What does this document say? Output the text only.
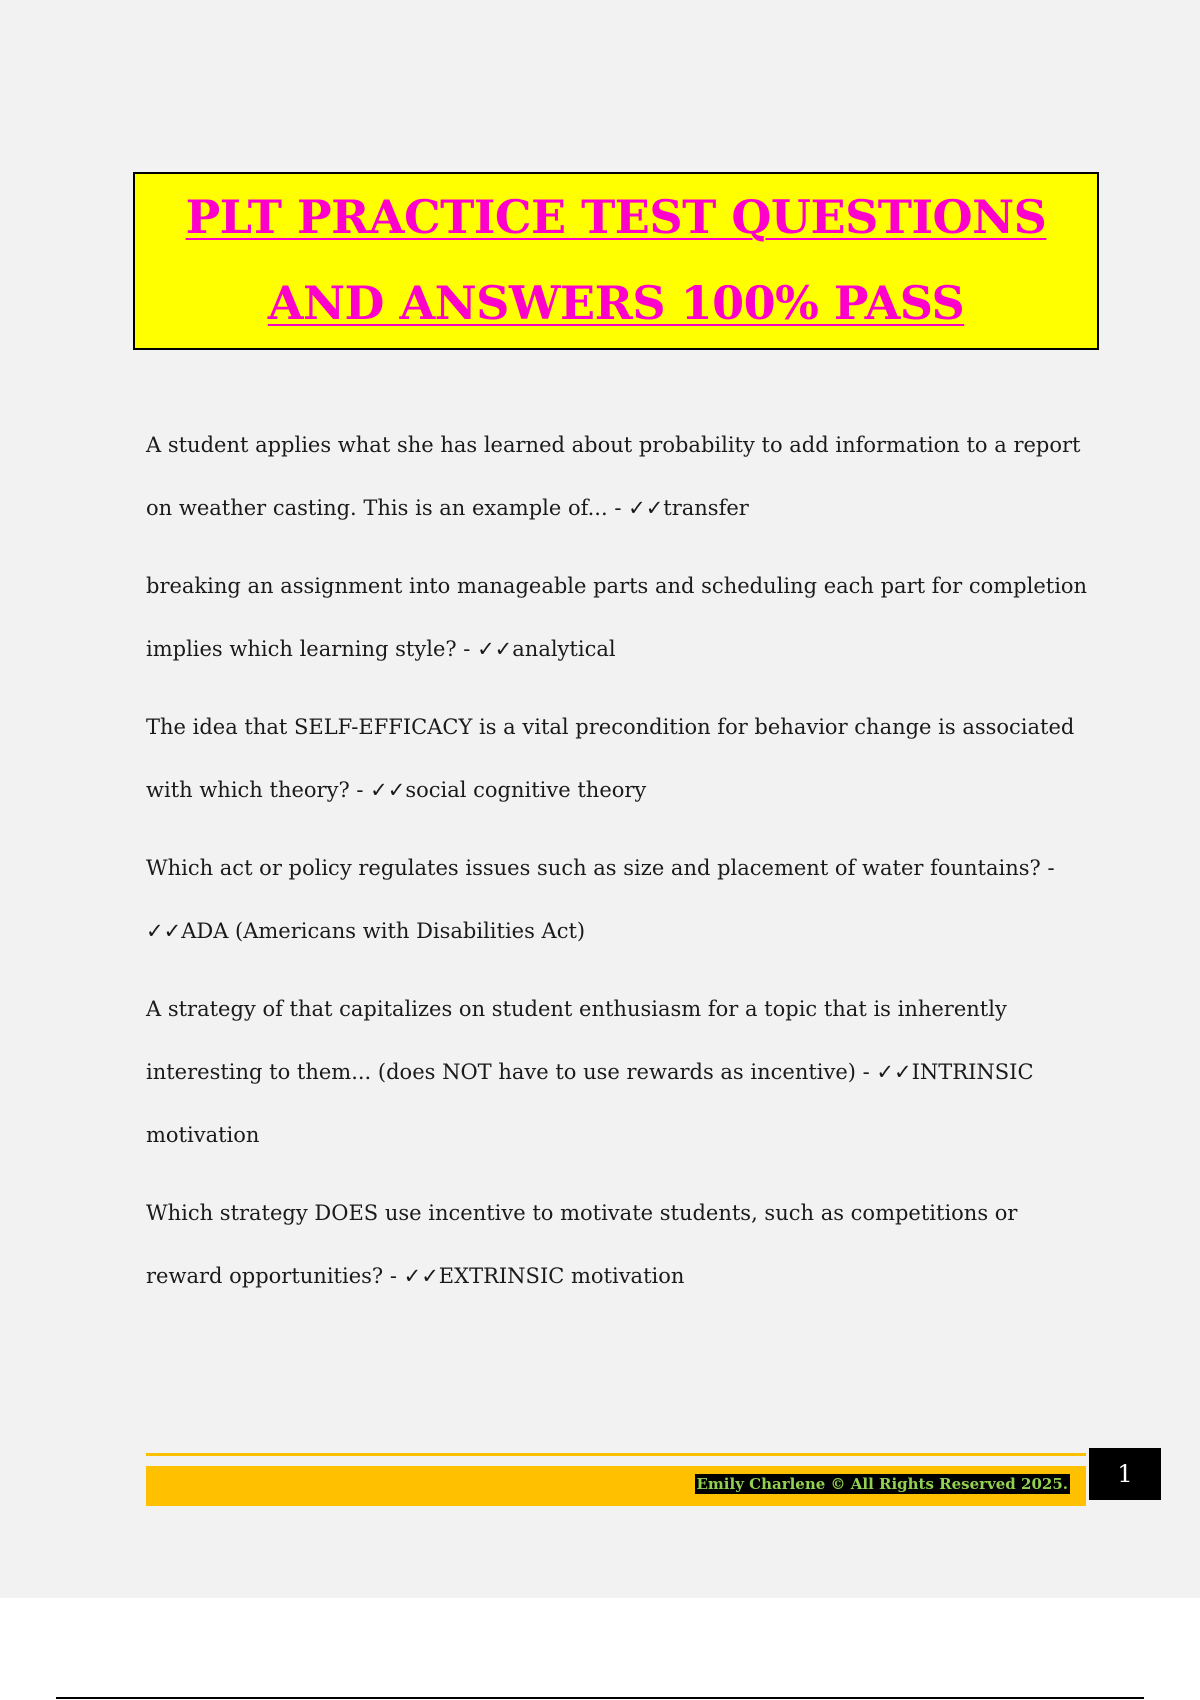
PLT PRACTICE TEST QUESTIONS
AND ANSWERS 100% PASS
A student applies what she has learned about probability to add information to a report on weather casting. This is an example of... - ✓✓transfer
breaking an assignment into manageable parts and scheduling each part for completion implies which learning style? - ✓✓analytical
The idea that SELF-EFFICACY is a vital precondition for behavior change is associated with which theory? - ✓✓social cognitive theory
Which act or policy regulates issues such as size and placement of water fountains? - ✓✓ADA (Americans with Disabilities Act)
A strategy of that capitalizes on student enthusiasm for a topic that is inherently interesting to them... (does NOT have to use rewards as incentive) - ✓✓INTRINSIC motivation
Which strategy DOES use incentive to motivate students, such as competitions or reward opportunities? - ✓✓EXTRINSIC motivation
Emily Charlene © All Rights Reserved 2025.	1
